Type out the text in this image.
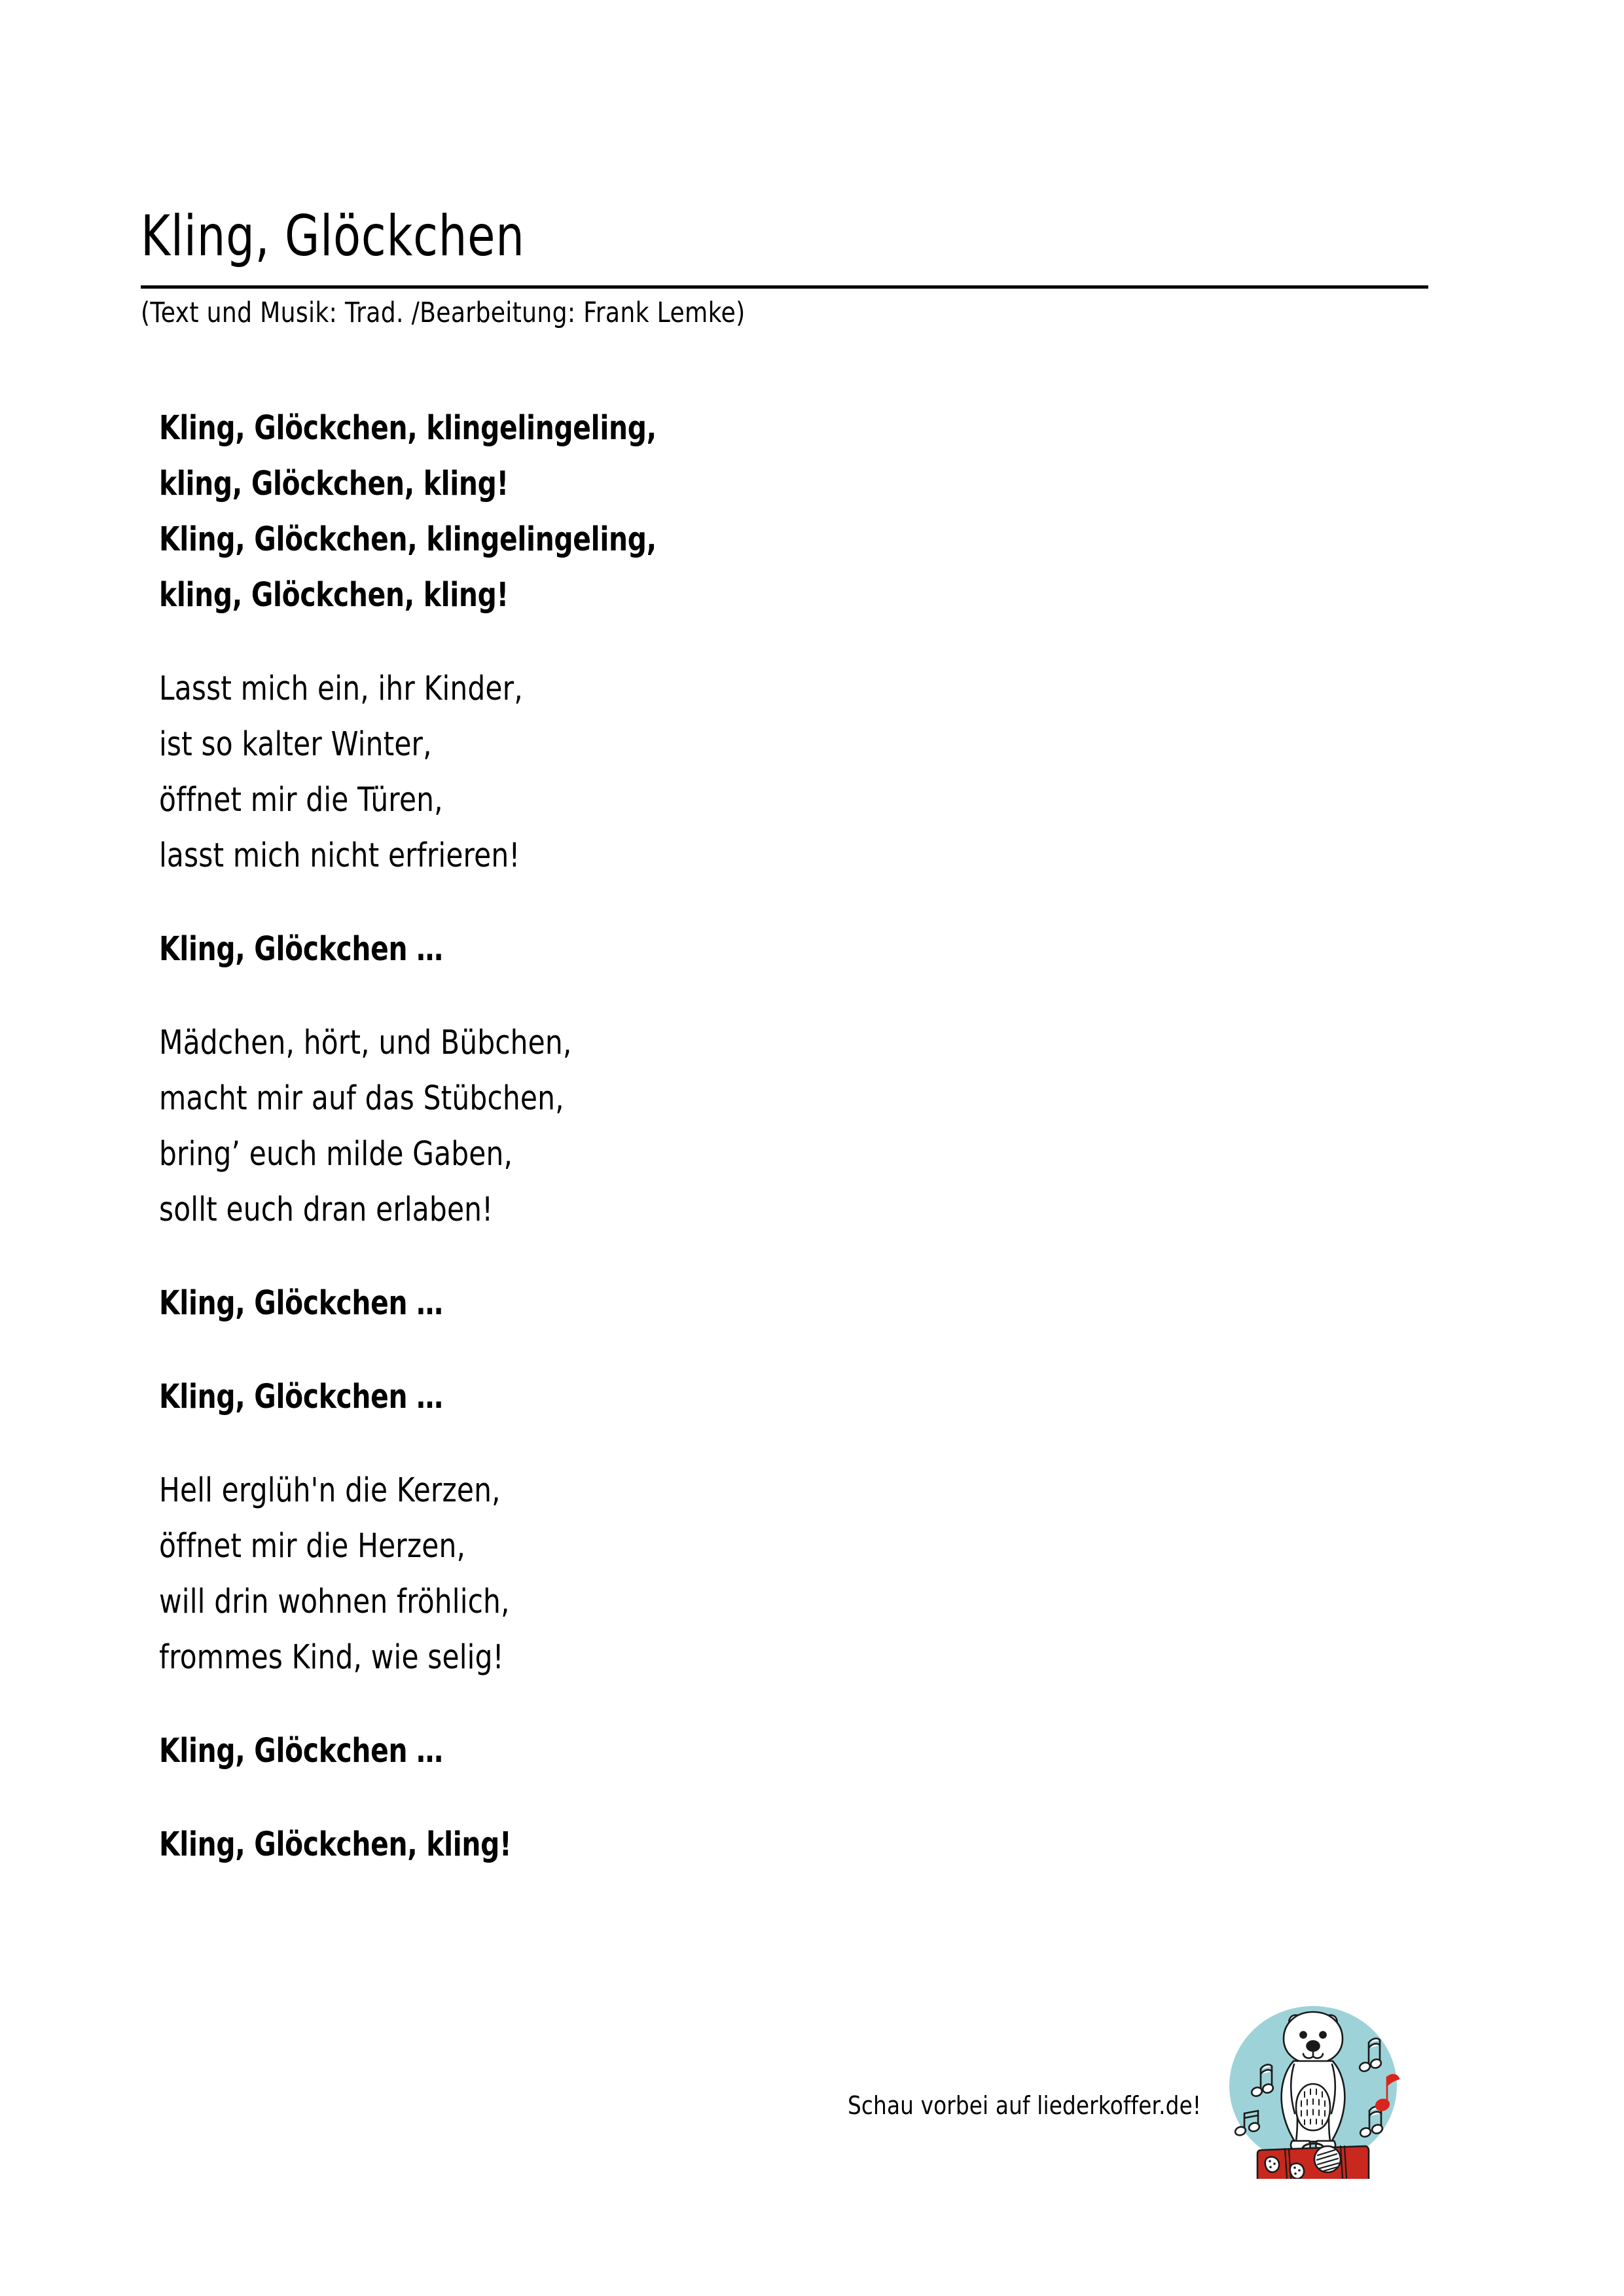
Kling, Glöckchen
(Text und Musik: Trad. /Bearbeitung: Frank Lemke)
Kling, Glöckchen, klingelingeling,
kling, Glöckchen, kling!
Kling, Glöckchen, klingelingeling,
kling, Glöckchen, kling!
Lasst mich ein, ihr Kinder,
ist so kalter Winter,
öffnet mir die Türen,
lasst mich nicht erfrieren!
Kling, Glöckchen …
Mädchen, hört, und Bübchen,
macht mir auf das Stübchen,
bring’ euch milde Gaben,
sollt euch dran erlaben!
Kling, Glöckchen …
Kling, Glöckchen …
Hell erglüh'n die Kerzen,
öffnet mir die Herzen,
will drin wohnen fröhlich,
frommes Kind, wie selig!
Kling, Glöckchen …
Kling, Glöckchen, kling!
Schau vorbei auf liederkoffer.de!
